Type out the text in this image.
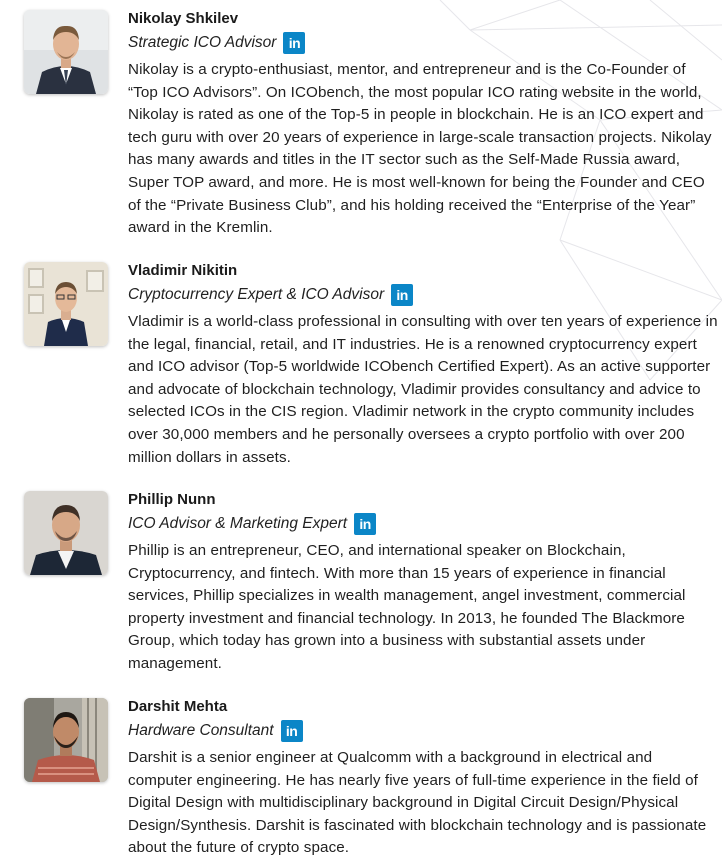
Nikolay Shkilev
Strategic ICO Advisor in
Nikolay is a crypto-enthusiast, mentor, and entrepreneur and is the Co-Founder of “Top ICO Advisors”. On ICObench, the most popular ICO rating website in the world, Nikolay is rated as one of the Top-5 in people in blockchain. He is an ICO expert and tech guru with over 20 years of experience in large-scale transaction projects. Nikolay has many awards and titles in the IT sector such as the Self-Made Russia award, Super TOP award, and more. He is most well-known for being the Founder and CEO of the “Private Business Club”, and his holding received the “Enterprise of the Year” award in the Kremlin.
Vladimir Nikitin
Cryptocurrency Expert & ICO Advisor in
Vladimir is a world-class professional in consulting with over ten years of experience in the legal, financial, retail, and IT industries. He is a renowned cryptocurrency expert and ICO advisor (Top-5 worldwide ICObench Certified Expert). As an active supporter and advocate of blockchain technology, Vladimir provides consultancy and advice to selected ICOs in the CIS region. Vladimir network in the crypto community includes over 30,000 members and he personally oversees a crypto portfolio with over 200 million dollars in assets.
Phillip Nunn
ICO Advisor & Marketing Expert in
Phillip is an entrepreneur, CEO, and international speaker on Blockchain, Cryptocurrency, and fintech. With more than 15 years of experience in financial services, Phillip specializes in wealth management, angel investment, commercial property investment and financial technology. In 2013, he founded The Blackmore Group, which today has grown into a business with substantial assets under management.
Darshit Mehta
Hardware Consultant in
Darshit is a senior engineer at Qualcomm with a background in electrical and computer engineering. He has nearly five years of full-time experience in the field of Digital Design with multidisciplinary background in Digital Circuit Design/Physical Design/Synthesis. Darshit is fascinated with blockchain technology and is passionate about the future of crypto space.
